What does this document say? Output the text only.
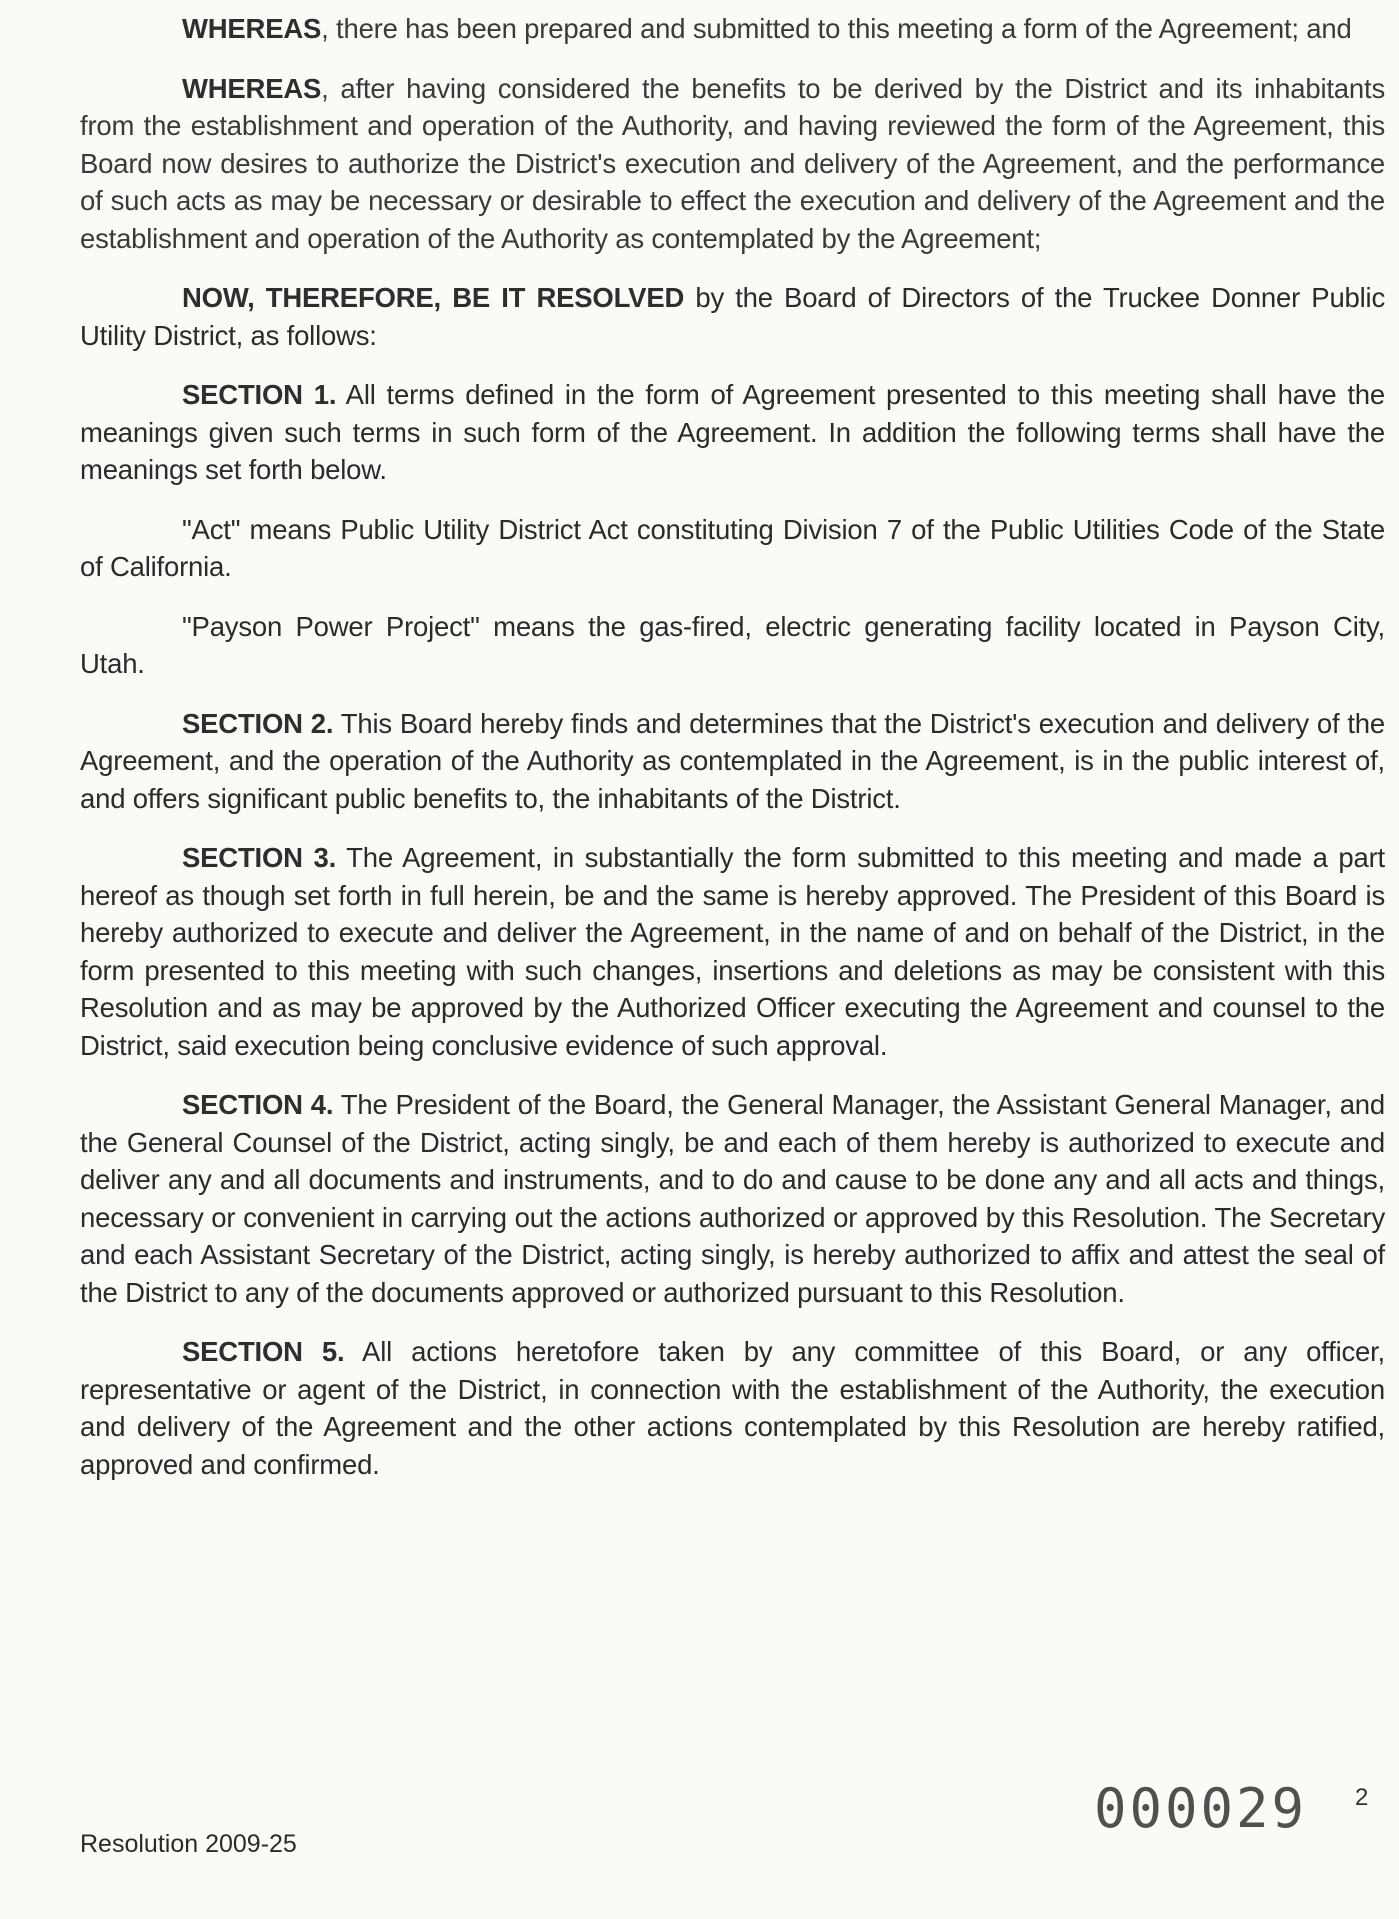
WHEREAS, there has been prepared and submitted to this meeting a form of the Agreement; and

WHEREAS, after having considered the benefits to be derived by the District and its inhabitants from the establishment and operation of the Authority, and having reviewed the form of the Agreement, this Board now desires to authorize the District's execution and delivery of the Agreement, and the performance of such acts as may be necessary or desirable to effect the execution and delivery of the Agreement and the establishment and operation of the Authority as contemplated by the Agreement;

NOW, THEREFORE, BE IT RESOLVED by the Board of Directors of the Truckee Donner Public Utility District, as follows:

SECTION 1. All terms defined in the form of Agreement presented to this meeting shall have the meanings given such terms in such form of the Agreement. In addition the following terms shall have the meanings set forth below.

"Act" means Public Utility District Act constituting Division 7 of the Public Utilities Code of the State of California.

"Payson Power Project" means the gas-fired, electric generating facility located in Payson City, Utah.

SECTION 2. This Board hereby finds and determines that the District's execution and delivery of the Agreement, and the operation of the Authority as contemplated in the Agreement, is in the public interest of, and offers significant public benefits to, the inhabitants of the District.

SECTION 3. The Agreement, in substantially the form submitted to this meeting and made a part hereof as though set forth in full herein, be and the same is hereby approved. The President of this Board is hereby authorized to execute and deliver the Agreement, in the name of and on behalf of the District, in the form presented to this meeting with such changes, insertions and deletions as may be consistent with this Resolution and as may be approved by the Authorized Officer executing the Agreement and counsel to the District, said execution being conclusive evidence of such approval.

SECTION 4. The President of the Board, the General Manager, the Assistant General Manager, and the General Counsel of the District, acting singly, be and each of them hereby is authorized to execute and deliver any and all documents and instruments, and to do and cause to be done any and all acts and things, necessary or convenient in carrying out the actions authorized or approved by this Resolution. The Secretary and each Assistant Secretary of the District, acting singly, is hereby authorized to affix and attest the seal of the District to any of the documents approved or authorized pursuant to this Resolution.

SECTION 5. All actions heretofore taken by any committee of this Board, or any officer, representative or agent of the District, in connection with the establishment of the Authority, the execution and delivery of the Agreement and the other actions contemplated by this Resolution are hereby ratified, approved and confirmed.

000029 2
Resolution 2009-25
